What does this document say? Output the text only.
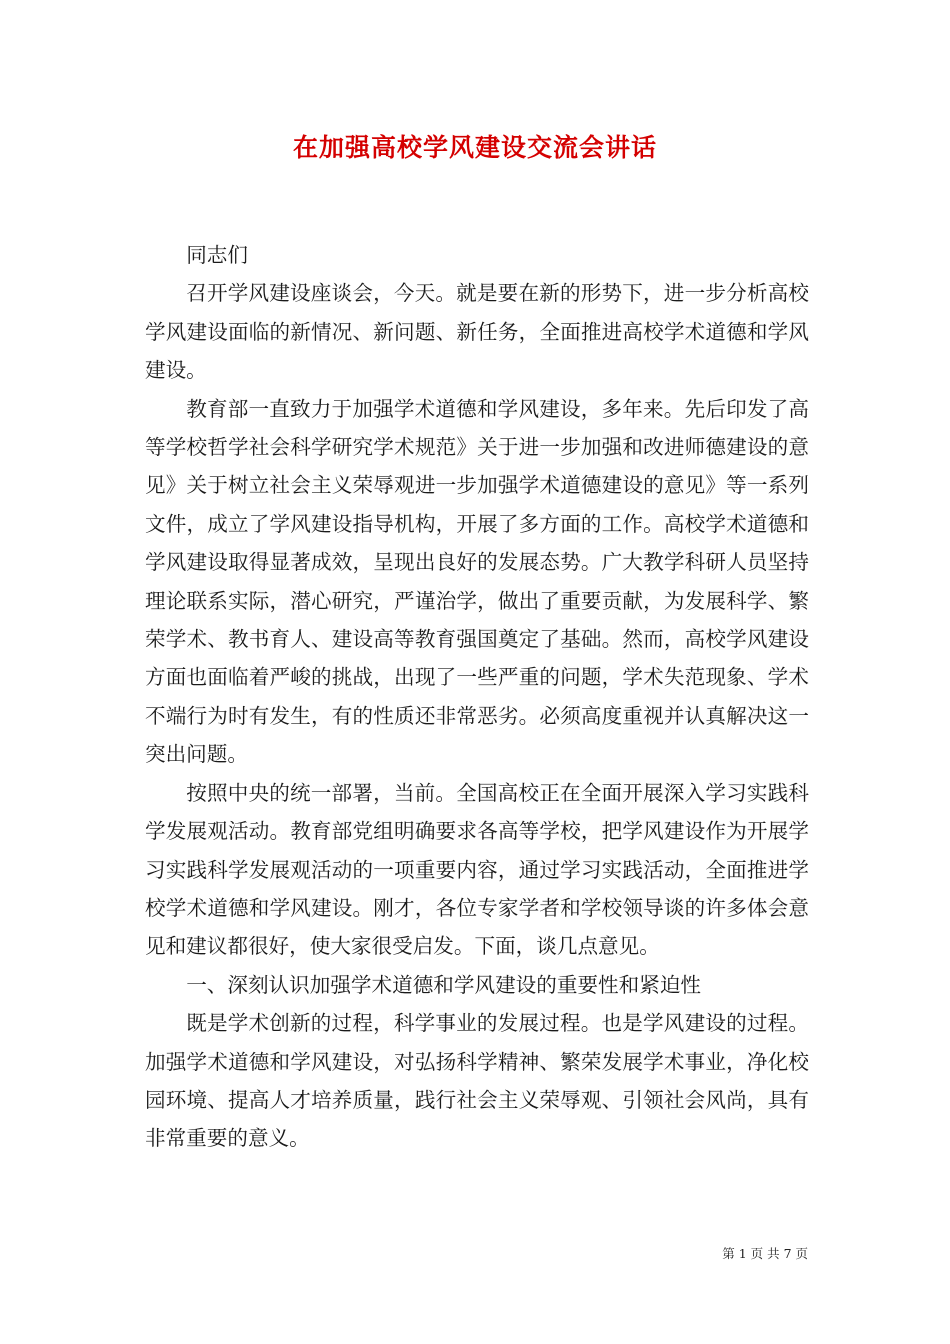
在加强高校学风建设交流会讲话

同志们

召开学风建设座谈会，今天。就是要在新的形势下，进一步分析高校学风建设面临的新情况、新问题、新任务，全面推进高校学术道德和学风建设。

教育部一直致力于加强学术道德和学风建设，多年来。先后印发了高等学校哲学社会科学研究学术规范》关于进一步加强和改进师德建设的意见》关于树立社会主义荣辱观进一步加强学术道德建设的意见》等一系列文件，成立了学风建设指导机构，开展了多方面的工作。高校学术道德和学风建设取得显著成效，呈现出良好的发展态势。广大教学科研人员坚持理论联系实际，潜心研究，严谨治学，做出了重要贡献，为发展科学、繁荣学术、教书育人、建设高等教育强国奠定了基础。然而，高校学风建设方面也面临着严峻的挑战，出现了一些严重的问题，学术失范现象、学术不端行为时有发生，有的性质还非常恶劣。必须高度重视并认真解决这一突出问题。

按照中央的统一部署，当前。全国高校正在全面开展深入学习实践科学发展观活动。教育部党组明确要求各高等学校，把学风建设作为开展学习实践科学发展观活动的一项重要内容，通过学习实践活动，全面推进学校学术道德和学风建设。刚才，各位专家学者和学校领导谈的许多体会意见和建议都很好，使大家很受启发。下面，谈几点意见。

一、深刻认识加强学术道德和学风建设的重要性和紧迫性

既是学术创新的过程，科学事业的发展过程。也是学风建设的过程。加强学术道德和学风建设，对弘扬科学精神、繁荣发展学术事业，净化校园环境、提高人才培养质量，践行社会主义荣辱观、引领社会风尚，具有非常重要的意义。

第 1 页 共 7 页
